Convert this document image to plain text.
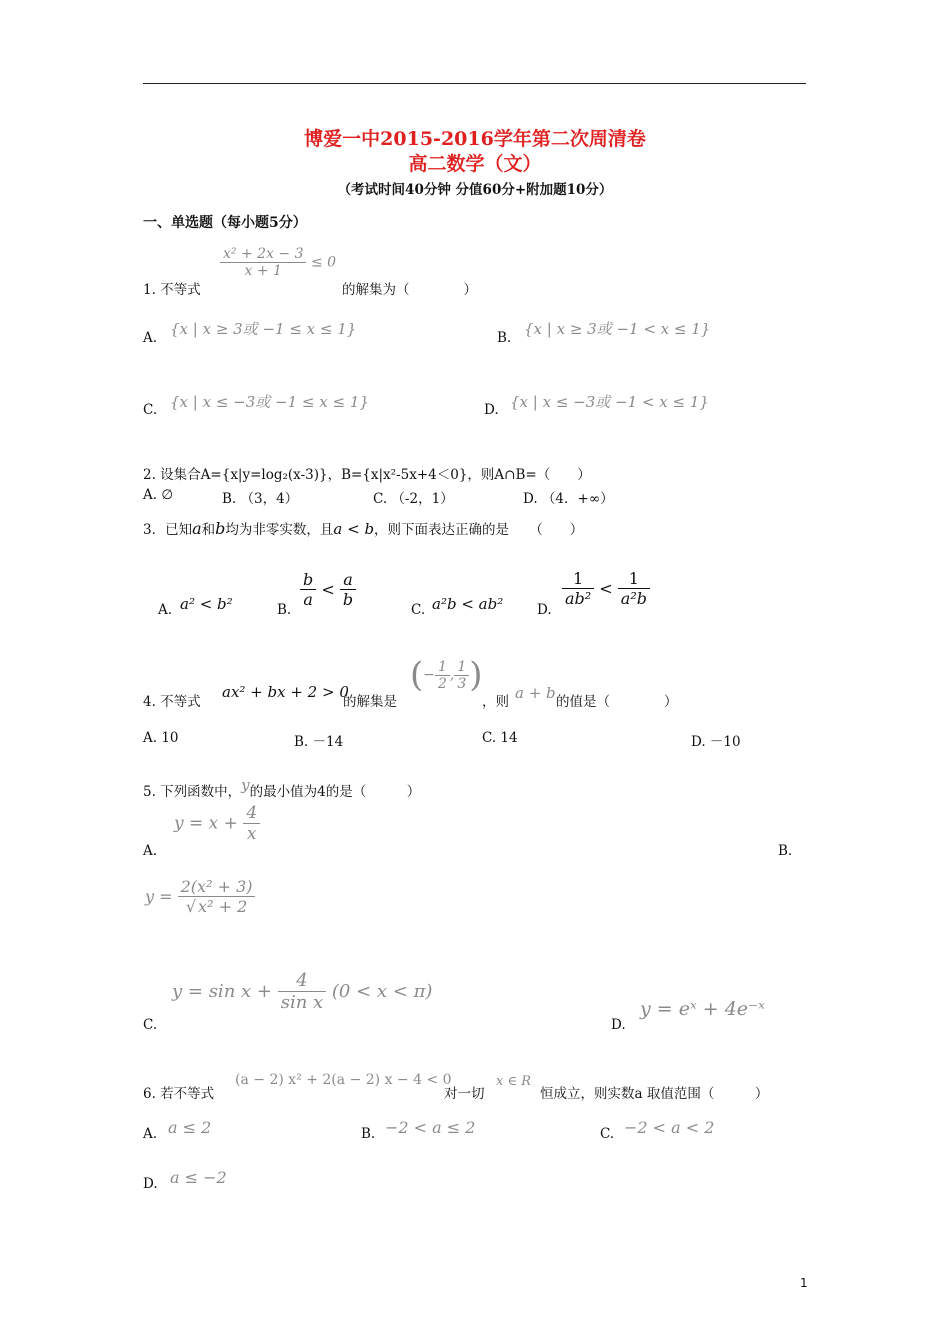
博爱一中2015-2016学年第二次周清卷
高二数学（文）
（考试时间40分钟 分值60分+附加题10分）
一、单选题（每小题5分）
1. 不等式
$\frac{\text{x² + 2x − 3}}{x + 1} \le 0$
的解集为（　　　　）
A. {x | x ≥ 3或 −1 ≤ x ≤ 1}	B. {x | x ≥ 3或 −1 < x ≤ 1}
C. {x | x ≤ −3或 −1 ≤ x ≤ 1}	D. {x | x ≤ −3或 −1 < x ≤ 1}
2. 设集合A={x|y=log₂(x-3)}，B={x|x²-5x+4＜0}，则A∩B=（　　）
A. ∅	B. （3，4）	C. （-2，1）	D. （4．+∞）
3．已知a和b均为非零实数，且a < b，则下面表达正确的是　　（　　）
A. a² < b²	B.
$\frac{b}{a} < \frac{a}{b}$
C. a²b < ab²	D.
$\frac{1}{\text{ab²}} < \frac{1}{\text{a²b}}$
4. 不等式
ax² + bx + 2 > 0
的解集是
(− $\frac{1}{2}$ , $\frac{1}{3}$ )
，则 a + b 的值是（　　　　）
A. 10	B. －14	C. 14	D. －10
5. 下列函数中，y的最小值为4的是（　　　）
A.
$y = x + \frac{4}{x}$
B.
$y = \frac{\text{2(x² + 3)}}{\text{√ x² + 2}}$
C.
$y = \sin x + \frac{4}{\text{sin x}} (0 < x < \pi)$
D.
y = eˣ + 4e⁻ˣ
6. 若不等式
(a − 2) x² + 2(a − 2) x − 4 < 0
对一切
x ∈ R
恒成立，则实数a 取值范围（　　　）
A. a ≤ 2	B. −2 < a ≤ 2	C. −2 < a < 2
D. a ≤ −2
1
